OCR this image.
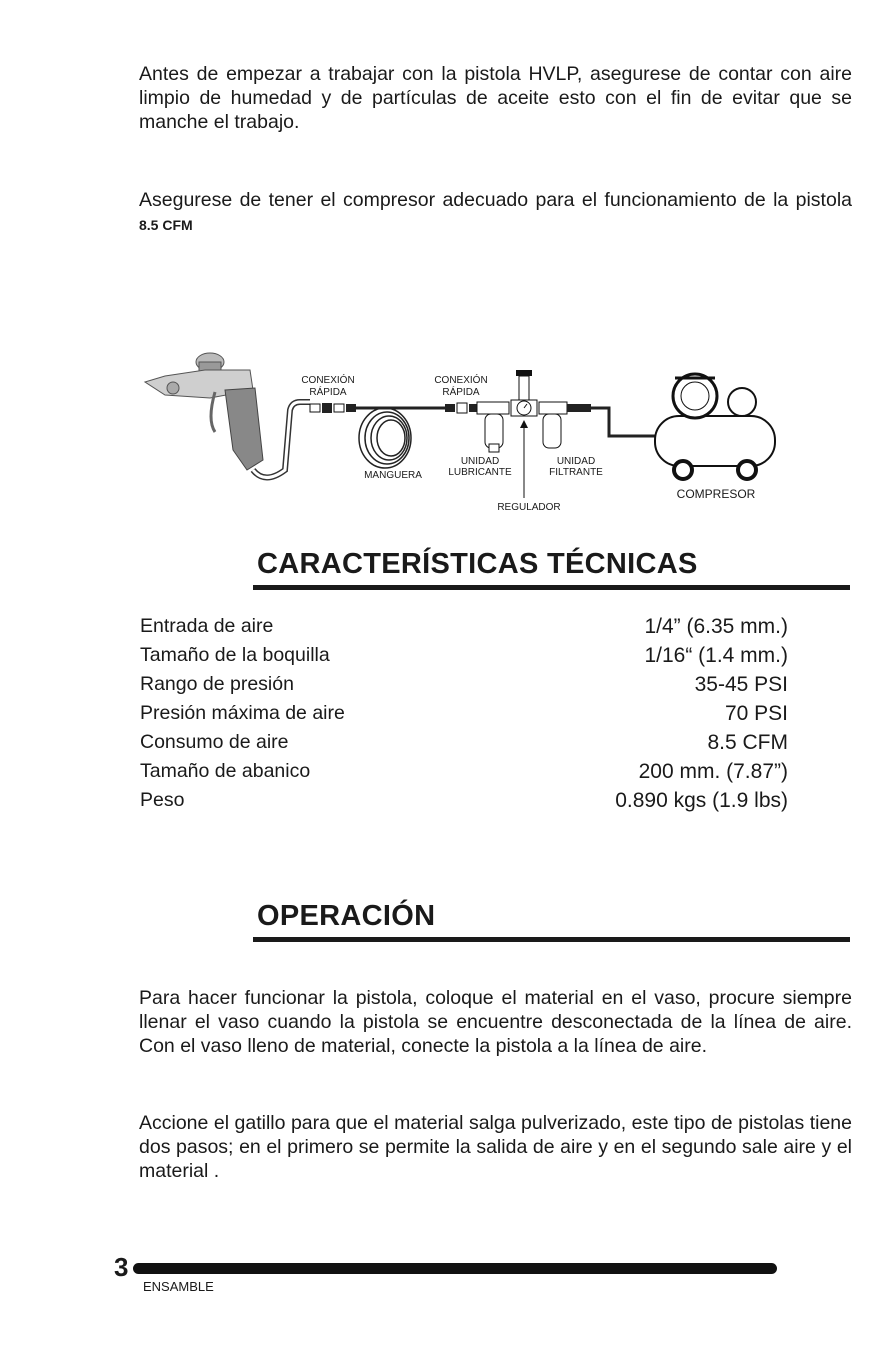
Antes de empezar a trabajar con la pistola HVLP, asegurese de contar con aire limpio de humedad y de partículas de aceite esto con el fin de evitar que se manche el trabajo.

Asegurese de tener el compresor adecuado para el funcionamiento de la pistola 8.5 CFM

CONEXIÓN
RÁPIDA
CONEXIÓN
RÁPIDA
MANGUERA
UNIDAD
LUBRICANTE
UNIDAD
FILTRANTE
REGULADOR
COMPRESOR
CARACTERÍSTICAS TÉCNICAS
Entrada de aire	1/4” (6.35 mm.)
Tamaño de la boquilla	1/16“ (1.4 mm.)
Rango de presión	35-45 PSI
Presión máxima de aire	70 PSI
Consumo de aire	8.5 CFM
Tamaño de abanico	200 mm. (7.87”)
Peso	0.890 kgs (1.9 lbs)
OPERACIÓN

Para hacer funcionar la pistola, coloque el material en el vaso, procure siempre llenar el vaso cuando la pistola se encuentre desconectada de la línea de aire. Con el vaso lleno de material, conecte la pistola a la línea de aire.

Accione el gatillo para que el material salga pulverizado, este tipo de pistolas tiene dos pasos; en el primero se permite la salida de aire y en el segundo sale aire y el material .

3
ENSAMBLE
